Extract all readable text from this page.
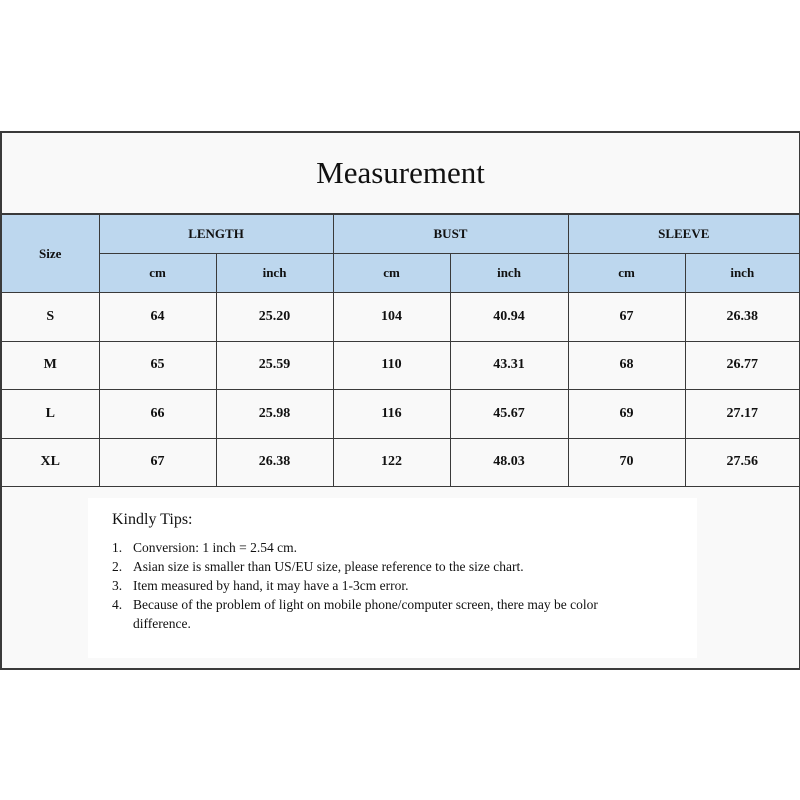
Measurement
Size	LENGTH		BUST		SLEEVE	
	cm	inch	cm	inch	cm	inch
S	64	25.20	104	40.94	67	26.38
M	65	25.59	110	43.31	68	26.77
L	66	25.98	116	45.67	69	27.17
XL	67	26.38	122	48.03	70	27.56
Kindly Tips:
1. Conversion: 1 inch = 2.54 cm.
2. Asian size is smaller than US/EU size, please reference to the size chart.
3. Item measured by hand, it may have a 1-3cm error.
4. Because of the problem of light on mobile phone/computer screen, there may be color difference.
